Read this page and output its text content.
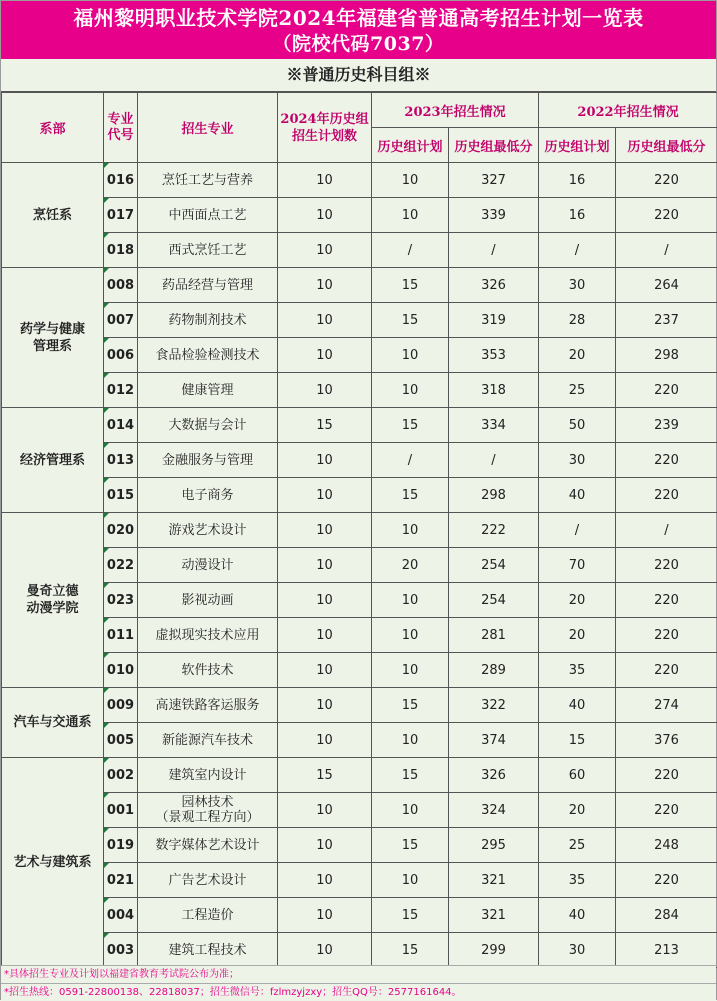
福州黎明职业技术学院2024年福建省普通高考招生计划一览表
（院校代码7037）
※普通历史科目组※
系部	专业代号	招生专业	2024年历史组招生计划数	2023年招生情况		2022年招生情况	
				历史组计划	历史组最低分	历史组计划	历史组最低分
烹饪系	016	烹饪工艺与营养	10	10	327	16	220
	017	中西面点工艺	10	10	339	16	220
	018	西式烹饪工艺	10	/	/	/	/
药学与健康
管理系	008	药品经营与管理	10	15	326	30	264
	007	药物制剂技术	10	15	319	28	237
	006	食品检验检测技术	10	10	353	20	298
	012	健康管理	10	10	318	25	220
经济管理系	014	大数据与会计	15	15	334	50	239
	013	金融服务与管理	10	/	/	30	220
	015	电子商务	10	15	298	40	220
曼奇立德
动漫学院	020	游戏艺术设计	10	10	222	/	/
	022	动漫设计	10	20	254	70	220
	023	影视动画	10	10	254	20	220
	011	虚拟现实技术应用	10	10	281	20	220
	010	软件技术	10	10	289	35	220
汽车与交通系	009	高速铁路客运服务	10	15	322	40	274
	005	新能源汽车技术	10	10	374	15	376
艺术与建筑系	002	建筑室内设计	15	15	326	60	220
	001	园林技术
（景观工程方向）	10	10	324	20	220
	019	数字媒体艺术设计	10	15	295	25	248
	021	广告艺术设计	10	10	321	35	220
	004	工程造价	10	15	321	40	284
	003	建筑工程技术	10	15	299	30	213
*具体招生专业及计划以福建省教育考试院公布为准；
*招生热线：0591-22800138、22818037；招生微信号：fzlmzyjzxy；招生QQ号：2577161644。
